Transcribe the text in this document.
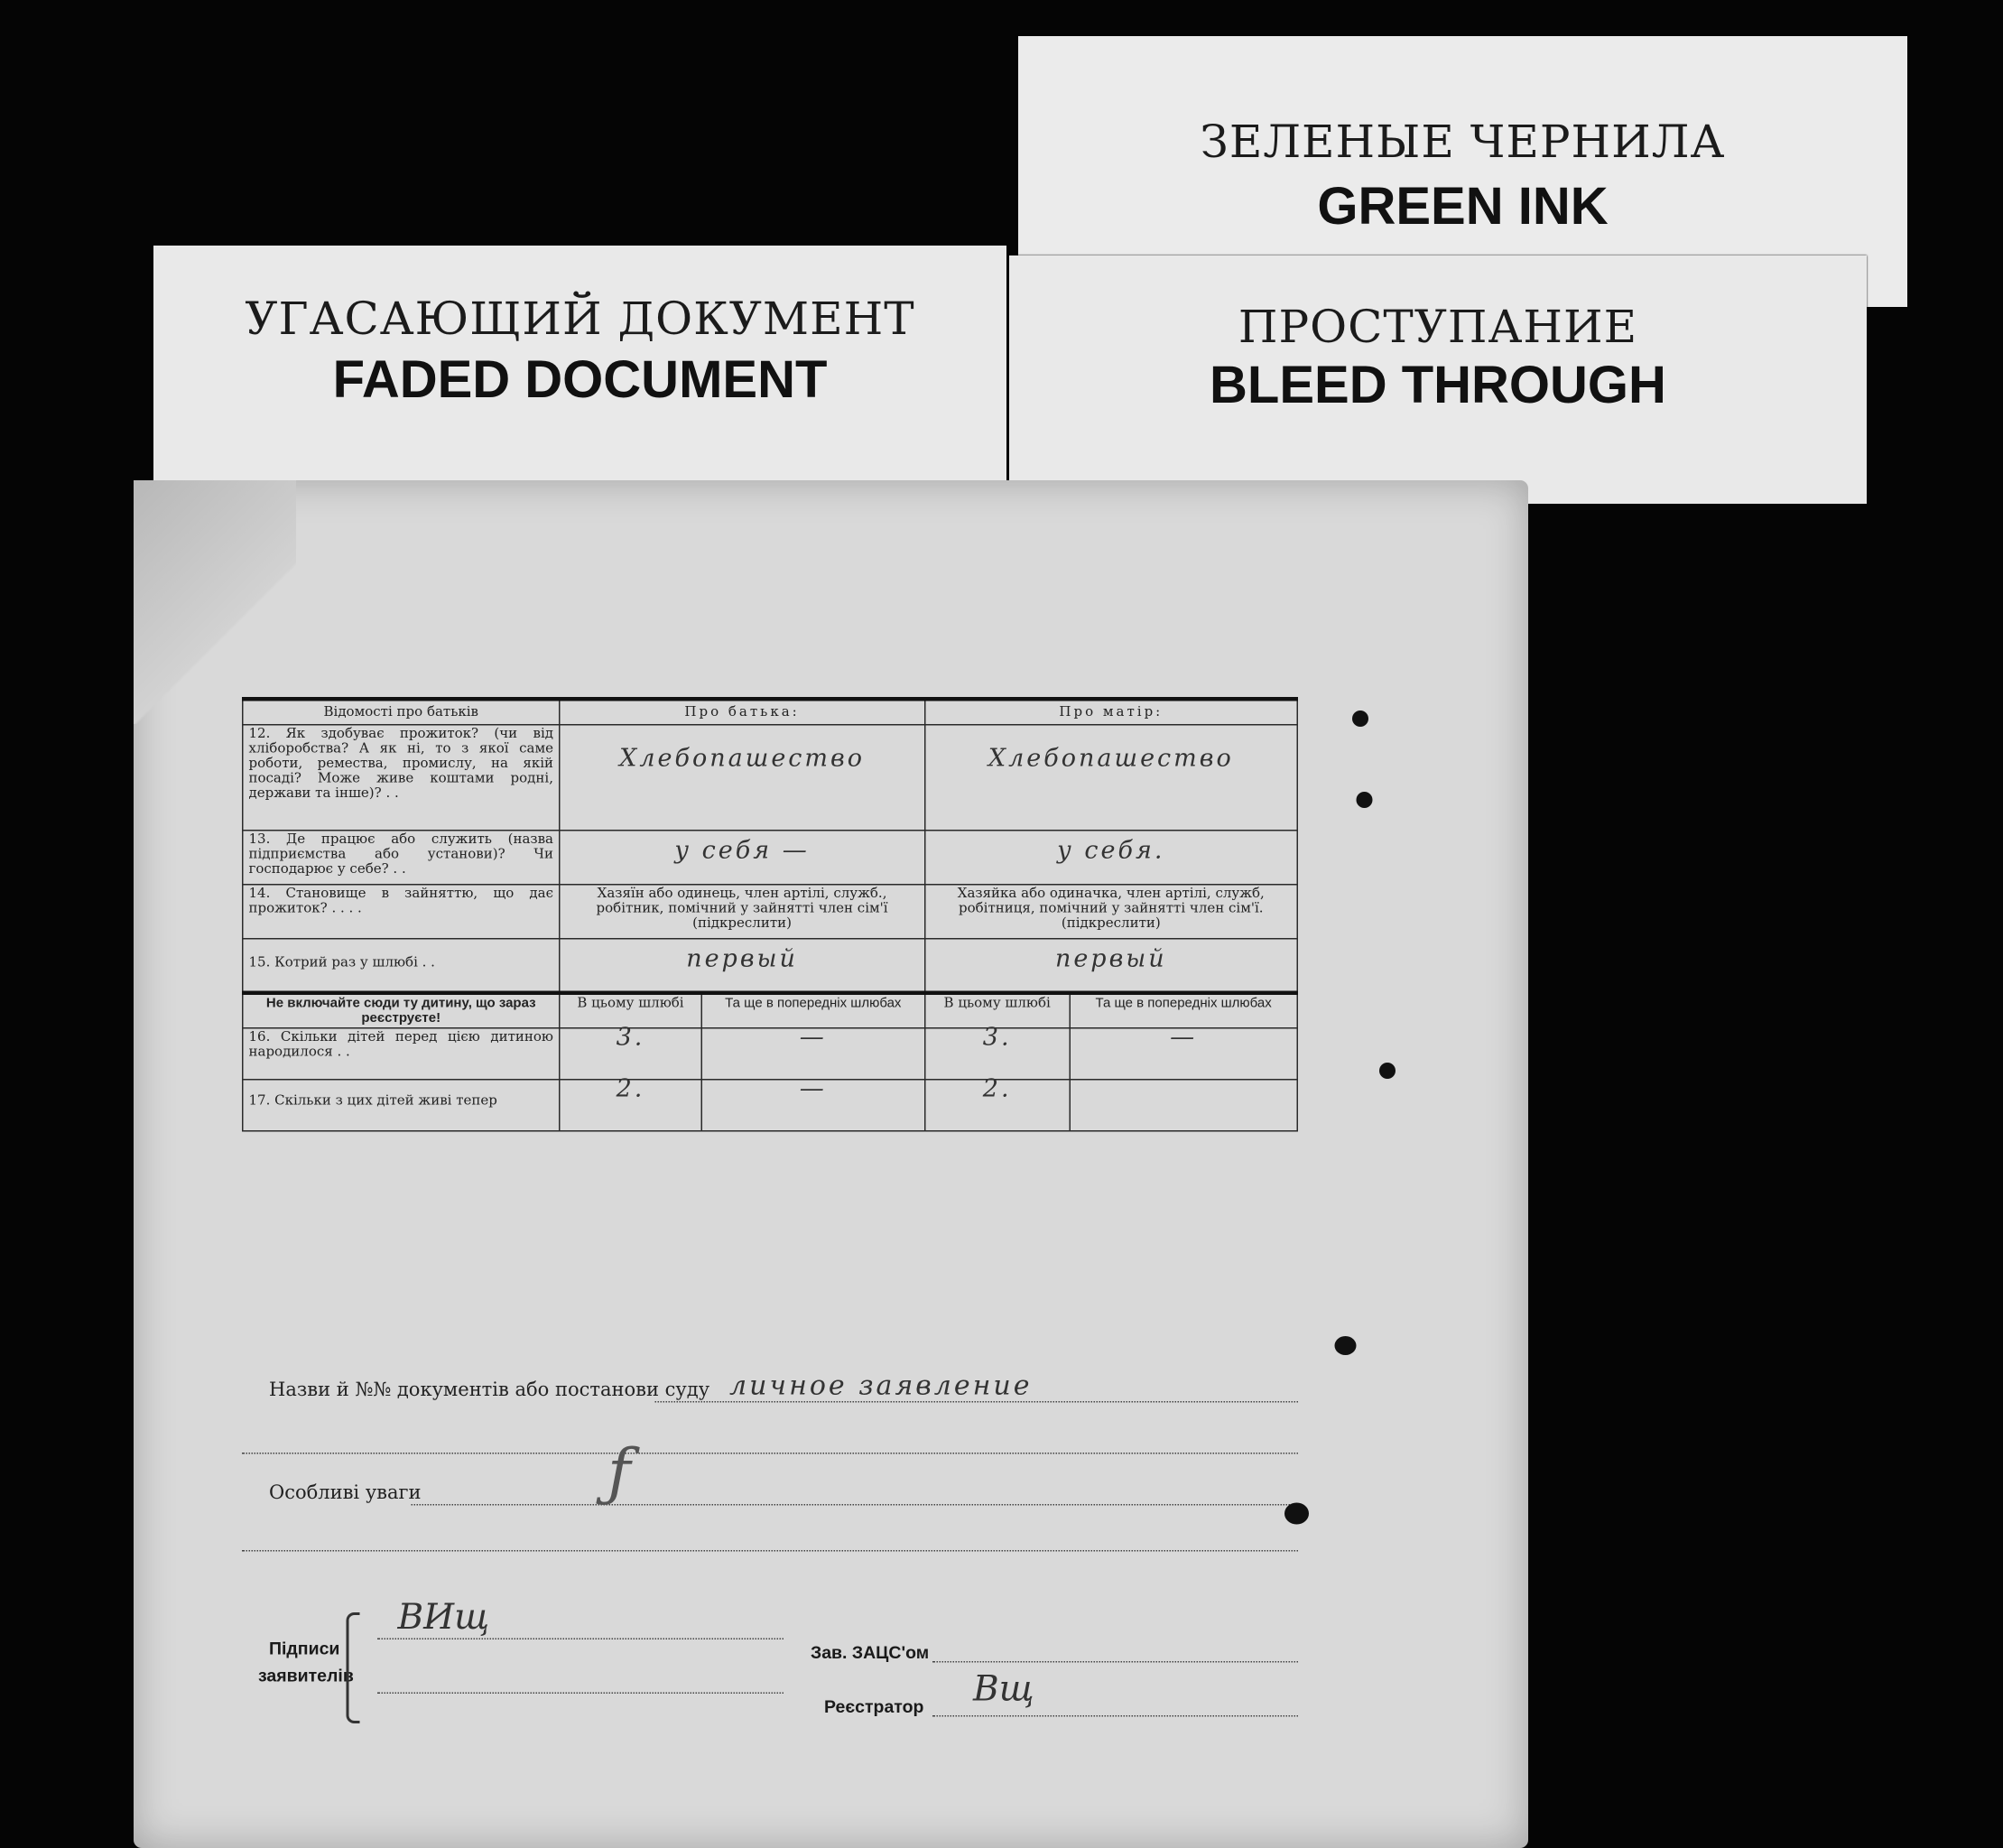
ЗЕЛЕНЫЕ ЧЕРНИЛА
GREEN INK
УГАСАЮЩИЙ ДОКУМЕНТ
FADED DOCUMENT
ПРОСТУПАНИЕ
BLEED THROUGH
Відомості про батьків	Про батька:		Про матір:	
12. Як здобуває прожиток? (чи від хліборобства? А як ні, то з якої саме роботи, ремества, промислу, на якій посаді? Може живе коштами родні, держави та інше)? . .	Хлебопашество		Хлебопашество	

13. Де працює або служить (назва підприємства або установи)? Чи господарює у себе? . .	у себя —		у себя.	

14. Становище в зайняттю, що дає прожиток? . . . .	Хазяїн або одинець, член артілі, служб., робітник, помічний у зайнятті член сім'ї (підкреслити)		Хазяйка або одиначка, член артілі, служб, робітниця, помічний у зайнятті член сім'ї. (підкреслити)	
15. Котрий раз у шлюбі . .	первый		первый	

Не включайте сюди ту дитину, що зараз реєструєте!	В цьому шлюбі	Та ще в попередніх шлюбах	В цьому шлюбі	Та ще в попередніх шлюбах
16. Скільки дітей перед цією дитиною народилося . .	3.	—	3.	—

17. Скільки з цих дітей живі тепер	2.	—	2.	

Назви й №№ документів або постанови суду личное заявление
Особливі уваги	ƒ
Підписи
заявителів
ВИщ
Зав. ЗАЦС'ом
Реєстратор Вщ
